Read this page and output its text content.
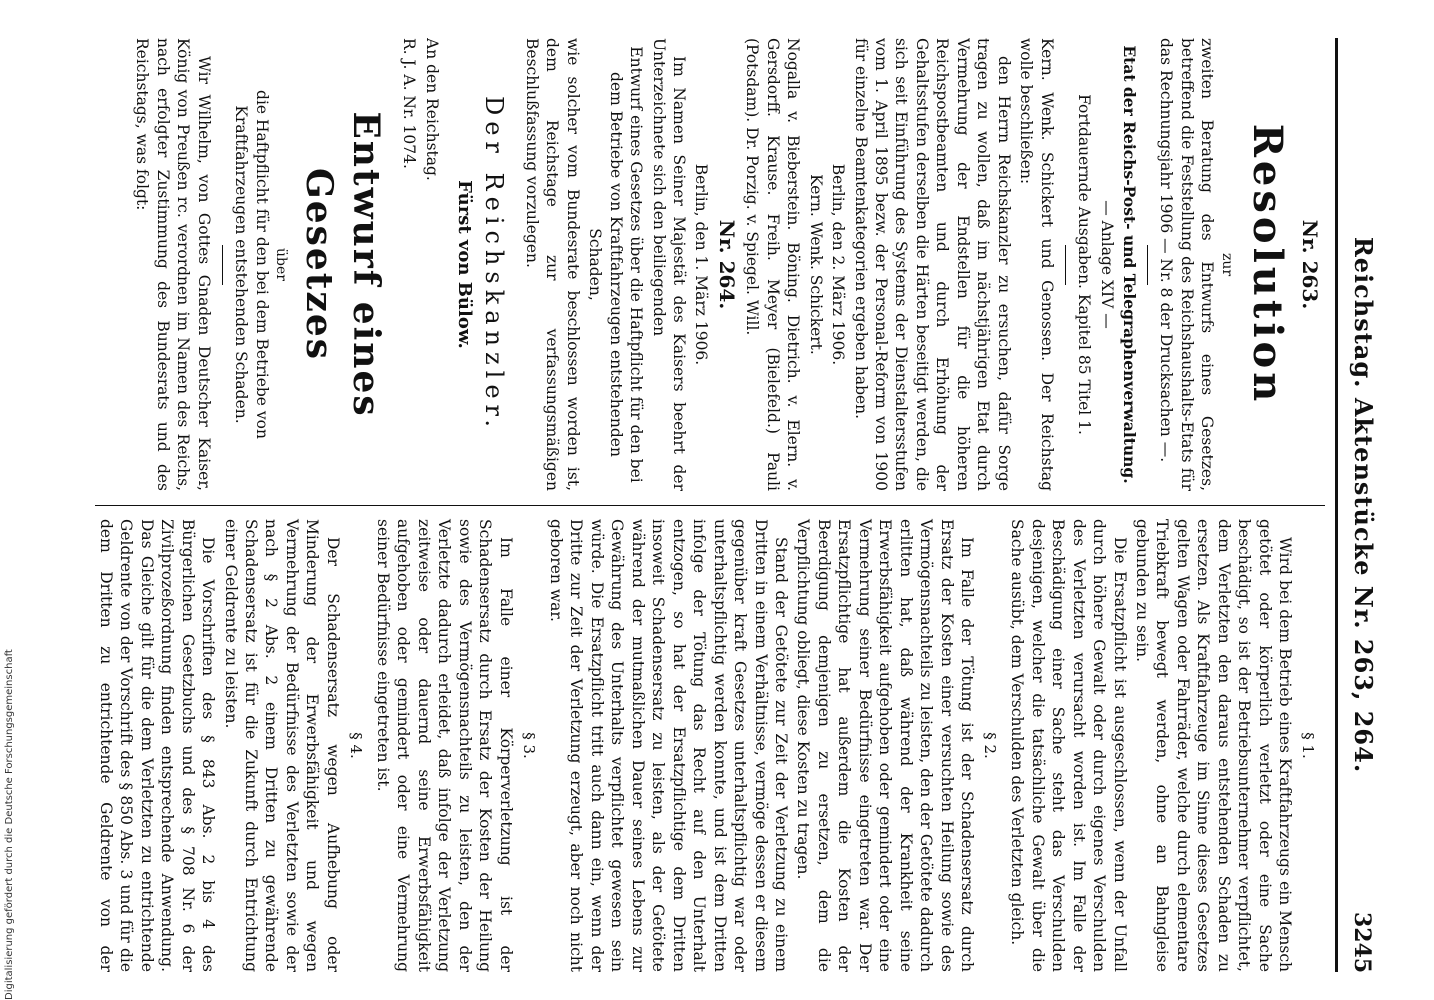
Reichstag. Aktenstücke Nr. 263, 264.
3245
Nr. 263.
Resolution

zur

zweiten Beratung des Entwurfs eines Gesetzes, betreffend die Feststellung des Reichshaushalts-Etats für das Rechnungsjahr 1906 — Nr. 8 der Drucksachen —.

Etat der Reichs-Post- und Telegraphenverwaltung.

— Anlage XIV —

Fortdauernde Ausgaben. Kapitel 85 Titel 1.

Kern. Wenk. Schickert und Genossen. Der Reichstag wolle beschließen:

den Herrn Reichskanzler zu ersuchen, dafür Sorge tragen zu wollen, daß im nächstjährigen Etat durch Vermehrung der Endstellen für die höheren Reichspostbeamten und durch Erhöhung der Gehaltsstufen derselben die Härten beseitigt werden, die sich seit Einführung des Systems der Dienstaltersstufen vom 1. April 1895 bezw. der Personal-Reform von 1900 für einzelne Beamtenkategorien ergeben haben.

Berlin, den 2. März 1906.

Kern. Wenk. Schickert.

Nogalla v. Bieberstein. Böning. Dietrich. v. Elern. v. Gersdorff. Krause. Freih. Meyer (Bielefeld.) Pauli (Potsdam). Dr. Porzig. v. Spiegel. Will.

Nr. 264.

Berlin, den 1. März 1906.

Im Namen Seiner Majestät des Kaisers beehrt der Unterzeichnete sich den beiliegenden

Entwurf eines Gesetzes über die Haftpflicht für den bei dem Betriebe von Kraftfahrzeugen entstehenden Schaden,

wie solcher vom Bundesrate beschlossen worden ist, dem Reichstage zur verfassungsmäßigen Beschlußfassung vorzulegen.

Der Reichskanzler.

Fürst von Bülow.

An den Reichstag.

R. J. A. Nr. 1074.

Entwurf eines Gesetzes

über

die Haftpflicht für den bei dem Betriebe von Kraftfahrzeugen entstehenden Schaden.

Wir Wilhelm, von Gottes Gnaden Deutscher Kaiser, König von Preußen rc. verordnen im Namen des Reichs, nach erfolgter Zustimmung des Bundesrats und des Reichstags, was folgt:

§ 1.

Wird bei dem Betrieb eines Kraftfahrzeugs ein Mensch getötet oder körperlich verletzt oder eine Sache beschädigt, so ist der Betriebsunternehmer verpflichtet, dem Verletzten den daraus entstehenden Schaden zu ersetzen. Als Kraftfahrzeuge im Sinne dieses Gesetzes gelten Wagen oder Fahrräder, welche durch elementare Triebkraft bewegt werden, ohne an Bahngleise gebunden zu sein.

Die Ersatzpflicht ist ausgeschlossen, wenn der Unfall durch höhere Gewalt oder durch eigenes Verschulden des Verletzten verursacht worden ist. Im Falle der Beschädigung einer Sache steht das Verschulden desjenigen, welcher die tatsächliche Gewalt über die Sache ausübt, dem Verschulden des Verletzten gleich.

§ 2.

Im Falle der Tötung ist der Schadensersatz durch Ersatz der Kosten einer versuchten Heilung sowie des Vermögensnachteils zu leisten, den der Getötete dadurch erlitten hat, daß während der Krankheit seine Erwerbsfähigkeit aufgehoben oder gemindert oder eine Vermehrung seiner Bedürfnisse eingetreten war. Der Ersatzpflichtige hat außerdem die Kosten der Beerdigung demjenigen zu ersetzen, dem die Verpflichtung obliegt, diese Kosten zu tragen.

Stand der Getötete zur Zeit der Verletzung zu einem Dritten in einem Verhältnisse, vermöge dessen er diesem gegenüber kraft Gesetzes unterhaltspflichtig war oder unterhaltspflichtig werden konnte, und ist dem Dritten infolge der Tötung das Recht auf den Unterhalt entzogen, so hat der Ersatzpflichtige dem Dritten insoweit Schadensersatz zu leisten, als der Getötete während der mutmaßlichen Dauer seines Lebens zur Gewährung des Unterhalts verpflichtet gewesen sein würde. Die Ersatzpflicht tritt auch dann ein, wenn der Dritte zur Zeit der Verletzung erzeugt, aber noch nicht geboren war.

§ 3.

Im Falle einer Körperverletzung ist der Schadensersatz durch Ersatz der Kosten der Heilung sowie des Vermögensnachteils zu leisten, den der Verletzte dadurch erleidet, daß infolge der Verletzung zeitweise oder dauernd seine Erwerbsfähigkeit aufgehoben oder gemindert oder eine Vermehrung seiner Bedürfnisse eingetreten ist.

§ 4.

Der Schadensersatz wegen Aufhebung oder Minderung der Erwerbsfähigkeit und wegen Vermehrung der Bedürfnisse des Verletzten sowie der nach § 2 Abs. 2 einem Dritten zu gewährende Schadensersatz ist für die Zukunft durch Entrichtung einer Geldrente zu leisten.

Die Vorschriften des § 843 Abs. 2 bis 4 des Bürgerlichen Gesetzbuchs und des § 708 Nr. 6 der Zivilprozeßordnung finden entsprechende Anwendung. Das Gleiche gilt für die dem Verletzten zu entrichtende Geldrente von der Vorschrift des § 850 Abs. 3 und für die dem Dritten zu entrichtende Geldrente von der

Digitalisierung gefördert durch die Deutsche Forschungsgemeinschaft
